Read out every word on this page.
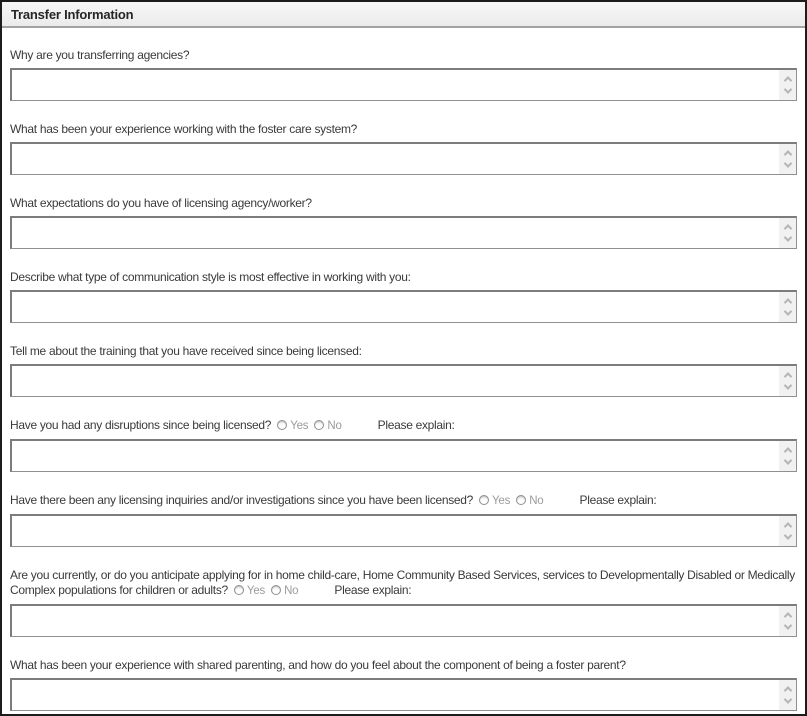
Transfer Information
Why are you transferring agencies?
What has been your experience working with the foster care system?
What expectations do you have of licensing agency/worker?
Describe what type of communication style is most effective in working with you:
Tell me about the training that you have received since being licensed:
Have you had any disruptions since being licensed? Yes No	Please explain:
Have there been any licensing inquiries and/or investigations since you have been licensed? Yes No	Please explain:
Are you currently, or do you anticipate applying for in home child-care, Home Community Based Services, services to Developmentally Disabled or Medically Complex populations for children or adults? Yes No	Please explain:
What has been your experience with shared parenting, and how do you feel about the component of being a foster parent?
